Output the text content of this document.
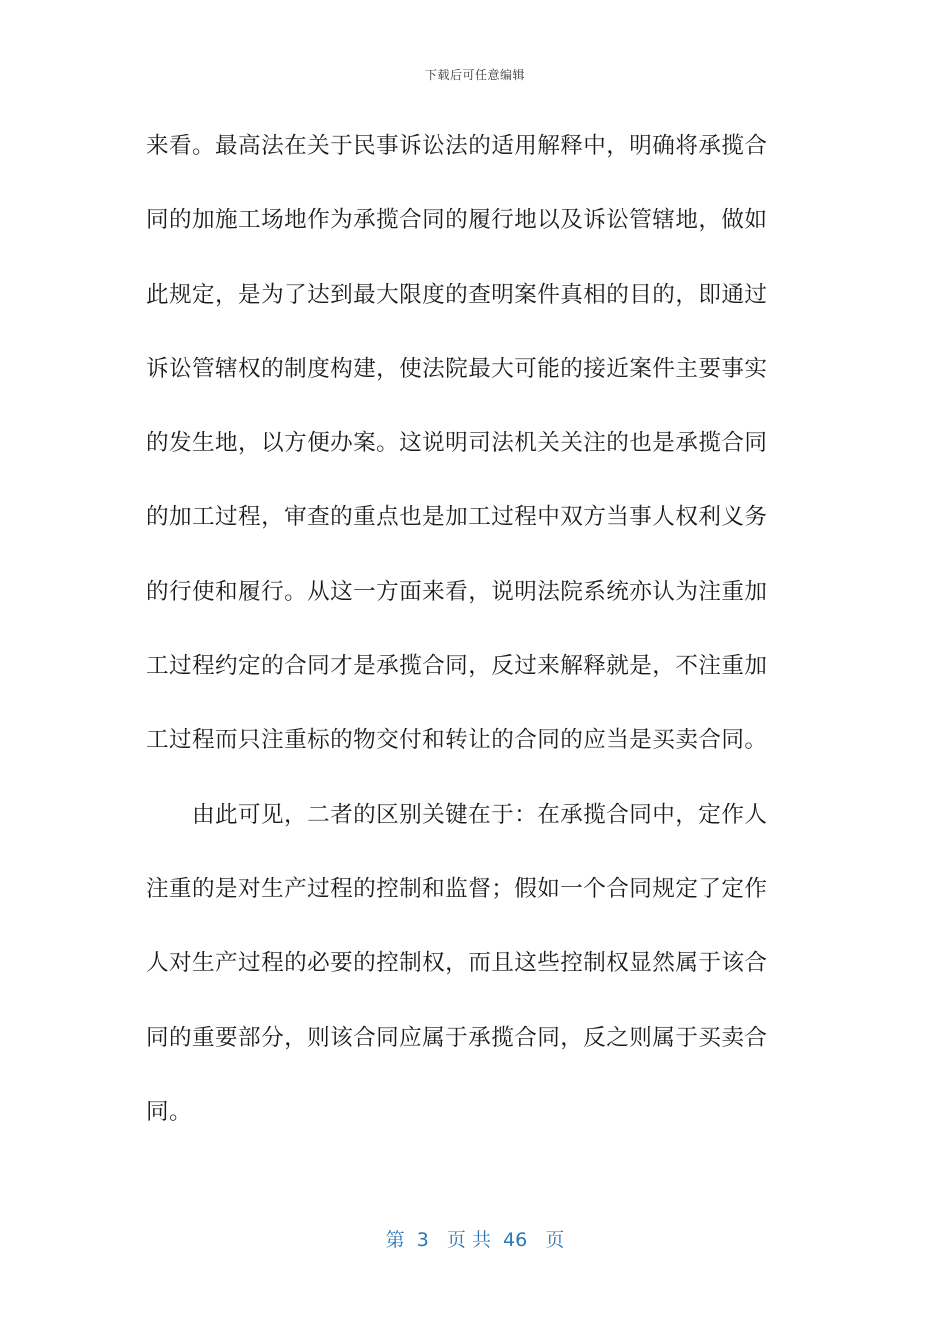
下载后可任意编辑
来看。最高法在关于民事诉讼法的适用解释中，明确将承揽合
同的加施工场地作为承揽合同的履行地以及诉讼管辖地，做如
此规定，是为了达到最大限度的查明案件真相的目的，即通过
诉讼管辖权的制度构建，使法院最大可能的接近案件主要事实
的发生地，以方便办案。这说明司法机关关注的也是承揽合同
的加工过程，审查的重点也是加工过程中双方当事人权利义务
的行使和履行。从这一方面来看，说明法院系统亦认为注重加
工过程约定的合同才是承揽合同，反过来解释就是，不注重加
工过程而只注重标的物交付和转让的合同的应当是买卖合同。
由此可见，二者的区别关键在于：在承揽合同中，定作人
注重的是对生产过程的控制和监督；假如一个合同规定了定作
人对生产过程的必要的控制权，而且这些控制权显然属于该合
同的重要部分，则该合同应属于承揽合同，反之则属于买卖合
同。
第  3   页 共  46   页
